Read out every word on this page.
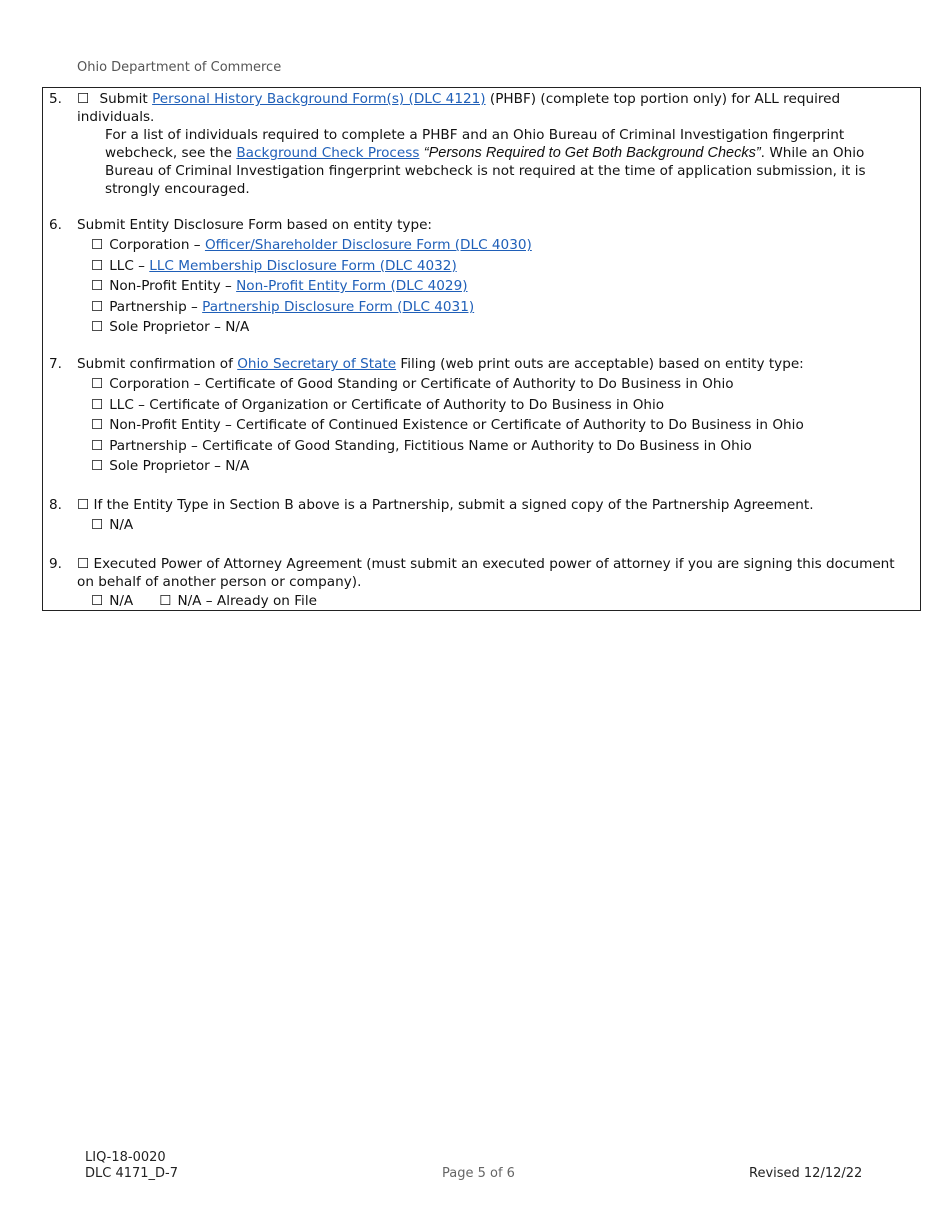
Ohio Department of Commerce
5.	☐ Submit Personal History Background Form(s) (DLC 4121) (PHBF) (complete top portion only) for ALL required individuals.
For a list of individuals required to complete a PHBF and an Ohio Bureau of Criminal Investigation fingerprint webcheck, see the Background Check Process “Persons Required to Get Both Background Checks”. While an Ohio Bureau of Criminal Investigation fingerprint webcheck is not required at the time of application submission, it is strongly encouraged.
6.	Submit Entity Disclosure Form based on entity type:
☐ Corporation – Officer/Shareholder Disclosure Form (DLC 4030)
☐ LLC – LLC Membership Disclosure Form (DLC 4032)
☐ Non-Profit Entity – Non-Profit Entity Form (DLC 4029)
☐ Partnership – Partnership Disclosure Form (DLC 4031)
☐ Sole Proprietor – N/A
7.	Submit confirmation of Ohio Secretary of State Filing (web print outs are acceptable) based on entity type:
☐ Corporation – Certificate of Good Standing or Certificate of Authority to Do Business in Ohio
☐ LLC – Certificate of Organization or Certificate of Authority to Do Business in Ohio
☐ Non-Profit Entity – Certificate of Continued Existence or Certificate of Authority to Do Business in Ohio
☐ Partnership – Certificate of Good Standing, Fictitious Name or Authority to Do Business in Ohio
☐ Sole Proprietor – N/A
8.	☐ If the Entity Type in Section B above is a Partnership, submit a signed copy of the Partnership Agreement.
☐ N/A
9.	☐ Executed Power of Attorney Agreement (must submit an executed power of attorney if you are signing this document on behalf of another person or company).
☐ N/A ☐ N/A – Already on File
LIQ-18-0020
DLC 4171_D-7	Page 5 of 6	Revised 12/12/22
